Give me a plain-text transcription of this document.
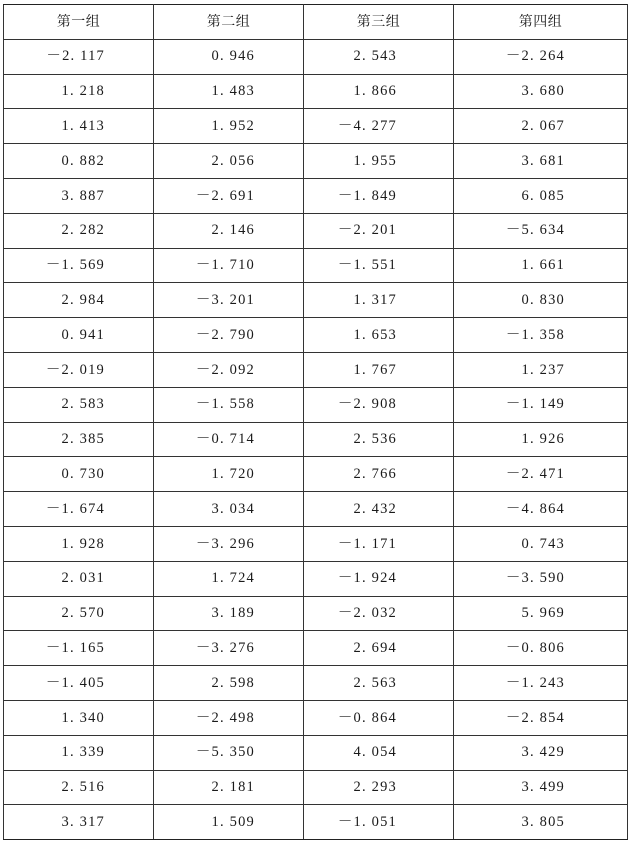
第一组	第二组	第三组	第四组
－2. 117	0. 946	2. 543	－2. 264
1. 218	1. 483	1. 866	3. 680
1. 413	1. 952	－4. 277	2. 067
0. 882	2. 056	1. 955	3. 681
3. 887	－2. 691	－1. 849	6. 085
2. 282	2. 146	－2. 201	－5. 634
－1. 569	－1. 710	－1. 551	1. 661
2. 984	－3. 201	1. 317	0. 830
0. 941	－2. 790	1. 653	－1. 358
－2. 019	－2. 092	1. 767	1. 237
2. 583	－1. 558	－2. 908	－1. 149
2. 385	－0. 714	2. 536	1. 926
0. 730	1. 720	2. 766	－2. 471
－1. 674	3. 034	2. 432	－4. 864
1. 928	－3. 296	－1. 171	0. 743
2. 031	1. 724	－1. 924	－3. 590
2. 570	3. 189	－2. 032	5. 969
－1. 165	－3. 276	2. 694	－0. 806
－1. 405	2. 598	2. 563	－1. 243
1. 340	－2. 498	－0. 864	－2. 854
1. 339	－5. 350	4. 054	3. 429
2. 516	2. 181	2. 293	3. 499
3. 317	1. 509	－1. 051	3. 805
